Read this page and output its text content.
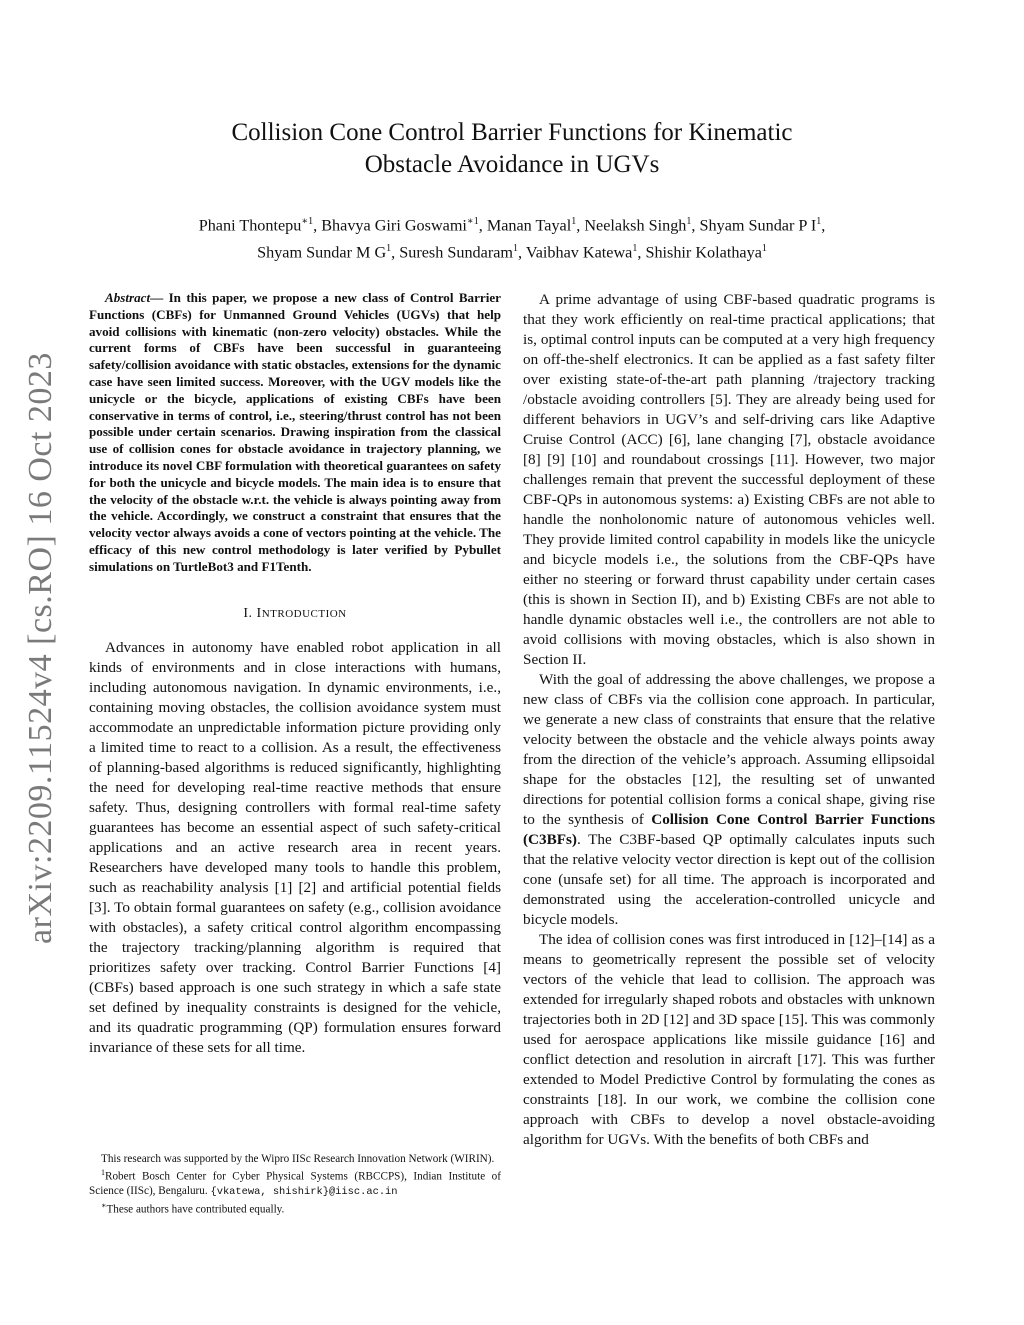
arXiv:2209.11524v4 [cs.RO] 16 Oct 2023
Collision Cone Control Barrier Functions for Kinematic
Obstacle Avoidance in UGVs
Phani Thontepu$^{∗1}$, Bhavya Giri Goswami$^{∗1}$, Manan Tayal$^1$, Neelaksh Singh$^1$, Shyam Sundar P $I^1$,
Shyam Sundar M $G^1$, Suresh Sundaram$^1$, Vaibhav Katewa$^1$, Shishir Kolathaya$^1$

Abstract— In this paper, we propose a new class of Control Barrier Functions (CBFs) for Unmanned Ground Vehicles (UGVs) that help avoid collisions with kinematic (non-zero velocity) obstacles. While the current forms of CBFs have been successful in guaranteeing safety/collision avoidance with static obstacles, extensions for the dynamic case have seen limited success. Moreover, with the UGV models like the unicycle or the bicycle, applications of existing CBFs have been conservative in terms of control, i.e., steering/thrust control has not been possible under certain scenarios. Drawing inspiration from the classical use of collision cones for obstacle avoidance in trajectory planning, we introduce its novel CBF formulation with theoretical guarantees on safety for both the unicycle and bicycle models. The main idea is to ensure that the velocity of the obstacle w.r.t. the vehicle is always pointing away from the vehicle. Accordingly, we construct a constraint that ensures that the velocity vector always avoids a cone of vectors pointing at the vehicle. The efficacy of this new control methodology is later verified by Pybullet simulations on TurtleBot3 and F1Tenth.

I. INTRODUCTION

Advances in autonomy have enabled robot application in all kinds of environments and in close interactions with humans, including autonomous navigation. In dynamic environments, i.e., containing moving obstacles, the collision avoidance system must accommodate an unpredictable information picture providing only a limited time to react to a collision. As a result, the effectiveness of planning-based algorithms is reduced significantly, highlighting the need for developing real-time reactive methods that ensure safety. Thus, designing controllers with formal real-time safety guarantees has become an essential aspect of such safety-critical applications and an active research area in recent years. Researchers have developed many tools to handle this problem, such as reachability analysis [1] [2] and artificial potential fields [3]. To obtain formal guarantees on safety (e.g., collision avoidance with obstacles), a safety critical control algorithm encompassing the trajectory tracking/planning algorithm is required that prioritizes safety over tracking. Control Barrier Functions [4] (CBFs) based approach is one such strategy in which a safe state set defined by inequality constraints is designed for the vehicle, and its quadratic programming (QP) formulation ensures forward invariance of these sets for all time.

This research was supported by the Wipro IISc Research Innovation Network (WIRIN).

$^1$Robert Bosch Center for Cyber Physical Systems (RBCCPS), Indian Institute of Science (IISc), Bengaluru. {vkatewa, shishirk}@iisc.ac.in

∗These authors have contributed equally.

A prime advantage of using CBF-based quadratic programs is that they work efficiently on real-time practical applications; that is, optimal control inputs can be computed at a very high frequency on off-the-shelf electronics. It can be applied as a fast safety filter over existing state-of-the-art path planning /trajectory tracking /obstacle avoiding controllers [5]. They are already being used for different behaviors in UGV’s and self-driving cars like Adaptive Cruise Control (ACC) [6], lane changing [7], obstacle avoidance [8] [9] [10] and roundabout crossings [11]. However, two major challenges remain that prevent the successful deployment of these CBF-QPs in autonomous systems: a) Existing CBFs are not able to handle the nonholonomic nature of autonomous vehicles well. They provide limited control capability in models like the unicycle and bicycle models i.e., the solutions from the CBF-QPs have either no steering or forward thrust capability under certain cases (this is shown in Section II), and b) Existing CBFs are not able to handle dynamic obstacles well i.e., the controllers are not able to avoid collisions with moving obstacles, which is also shown in Section II.

With the goal of addressing the above challenges, we propose a new class of CBFs via the collision cone approach. In particular, we generate a new class of constraints that ensure that the relative velocity between the obstacle and the vehicle always points away from the direction of the vehicle’s approach. Assuming ellipsoidal shape for the obstacles [12], the resulting set of unwanted directions for potential collision forms a conical shape, giving rise to the synthesis of Collision Cone Control Barrier Functions (C3BFs). The C3BF-based QP optimally calculates inputs such that the relative velocity vector direction is kept out of the collision cone (unsafe set) for all time. The approach is incorporated and demonstrated using the acceleration-controlled unicycle and bicycle models.

The idea of collision cones was first introduced in [12]–[14] as a means to geometrically represent the possible set of velocity vectors of the vehicle that lead to collision. The approach was extended for irregularly shaped robots and obstacles with unknown trajectories both in 2D [12] and 3D space [15]. This was commonly used for aerospace applications like missile guidance [16] and conflict detection and resolution in aircraft [17]. This was further extended to Model Predictive Control by formulating the cones as constraints [18]. In our work, we combine the collision cone approach with CBFs to develop a novel obstacle-avoiding algorithm for UGVs. With the benefits of both CBFs and
